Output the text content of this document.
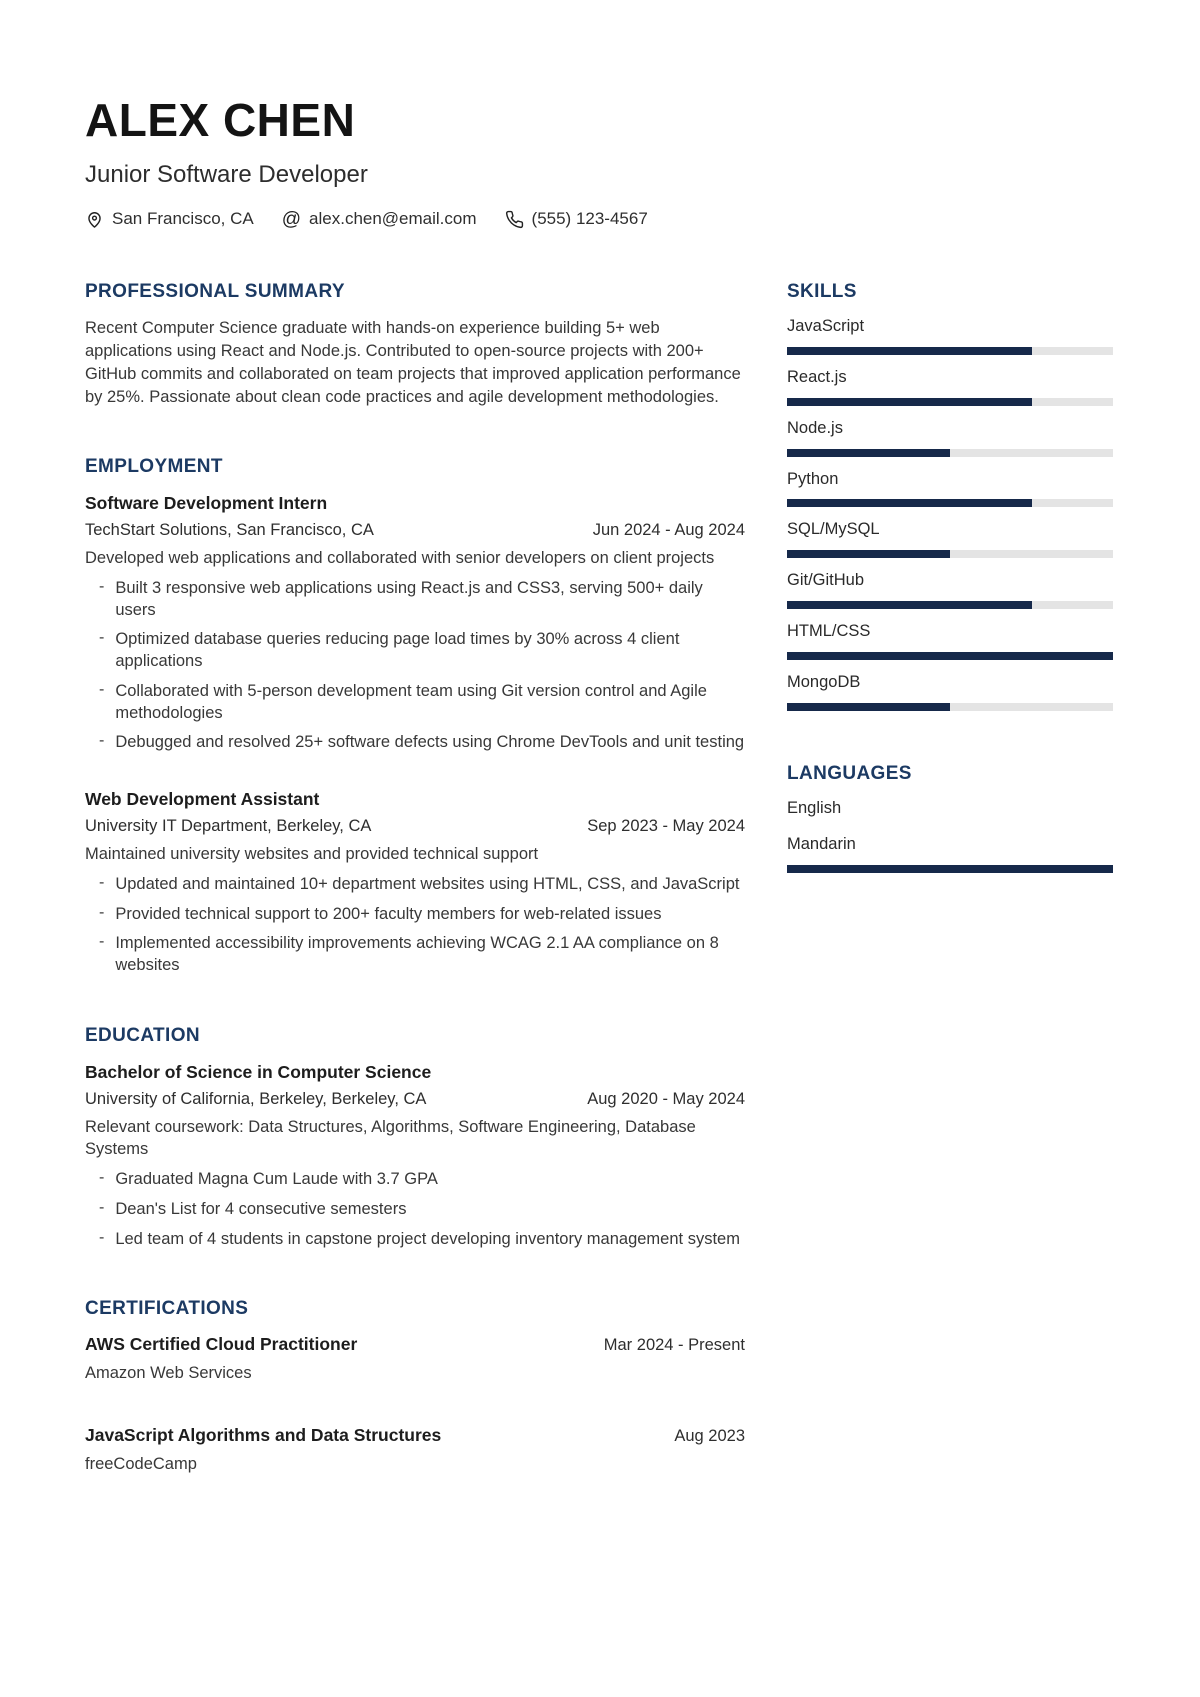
ALEX CHEN
Junior Software Developer
San Francisco, CA @ alex.chen@email.com	(555) 123-4567
PROFESSIONAL SUMMARY

Recent Computer Science graduate with hands-on experience building 5+ web applications using React and Node.js. Contributed to open-source projects with 200+ GitHub commits and collaborated on team projects that improved application performance by 25%. Passionate about clean code practices and agile development methodologies.

EMPLOYMENT
Software Development Intern
TechStart Solutions, San Francisco, CA	Jun 2024 - Aug 2024

Developed web applications and collaborated with senior developers on client projects

- Built 3 responsive web applications using React.js and CSS3, serving 500+ daily users
- Optimized database queries reducing page load times by 30% across 4 client applications
- Collaborated with 5-person development team using Git version control and Agile methodologies
- Debugged and resolved 25+ software defects using Chrome DevTools and unit testing
Web Development Assistant
University IT Department, Berkeley, CA	Sep 2023 - May 2024

Maintained university websites and provided technical support

- Updated and maintained 10+ department websites using HTML, CSS, and JavaScript
- Provided technical support to 200+ faculty members for web-related issues
- Implemented accessibility improvements achieving WCAG 2.1 AA compliance on 8 websites
EDUCATION
Bachelor of Science in Computer Science
University of California, Berkeley, Berkeley, CA	Aug 2020 - May 2024

Relevant coursework: Data Structures, Algorithms, Software Engineering, Database Systems

- Graduated Magna Cum Laude with 3.7 GPA
- Dean's List for 4 consecutive semesters
- Led team of 4 students in capstone project developing inventory management system
CERTIFICATIONS
AWS Certified Cloud Practitioner	Mar 2024 - Present
Amazon Web Services
JavaScript Algorithms and Data Structures	Aug 2023
freeCodeCamp
SKILLS
JavaScript
React.js
Node.js
Python
SQL/MySQL
Git/GitHub
HTML/CSS
MongoDB
LANGUAGES
English
Mandarin
